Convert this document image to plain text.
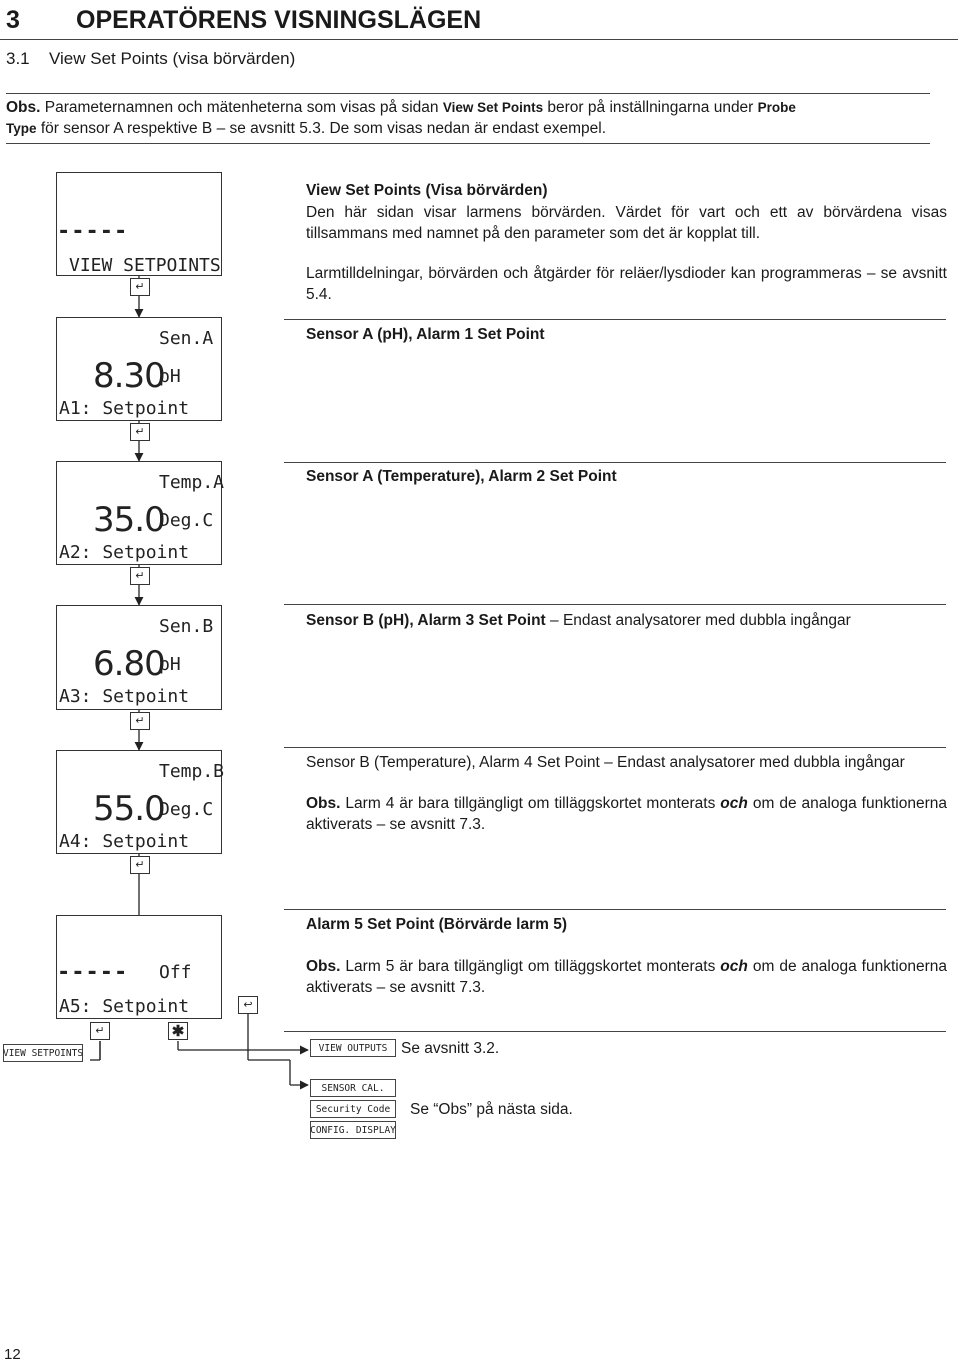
3 OPERATÖRENS VISNINGSLÄGEN
3.1 View Set Points (visa börvärden)
Obs. Parameternamnen och mätenheterna som visas på sidan View Set Points beror på inställningarna under Probe
Type för sensor A respektive B – se avsnitt 5.3. De som visas nedan är endast exempel.
View Set Points (Visa börvärden)
Den här sidan visar larmens börvärden. Värdet för vart och ett av börvärdena visas tillsammans med namnet på den parameter som det är kopplat till.
Larmtilldelningar, börvärden och åtgärder för reläer/lysdioder kan programmeras – se avsnitt 5.4.
Sensor A (pH), Alarm 1 Set Point
Sensor A (Temperature), Alarm 2 Set Point
Sensor B (pH), Alarm 3 Set Point – Endast analysatorer med dubbla ingångar
Sensor B (Temperature), Alarm 4 Set Point – Endast analysatorer med dubbla ingångar
Obs. Larm 4 är bara tillgängligt om tilläggskortet monterats och om de analoga funktionerna aktiverats – se avsnitt 7.3.
Alarm 5 Set Point (Börvärde larm 5)
Obs. Larm 5 är bara tillgängligt om tilläggskortet monterats och om de analoga funktionerna aktiverats – se avsnitt 7.3.
-----
VIEW SETPOINTS
↵
Sen.A
8.30
pH
A1: Setpoint
↵
Temp.A
35.0
Deg.C
A2: Setpoint
↵
Sen.B
6.80
pH
A3: Setpoint
↵
Temp.B
55.0
Deg.C
A4: Setpoint
↵
----- Off
A5: Setpoint
↵	✱
↩
VIEW SETPOINTS	VIEW OUTPUTS Se avsnitt 3.2.
SENSOR CAL.
Security Code
CONFIG. DISPLAY
Se “Obs” på nästa sida.
12
